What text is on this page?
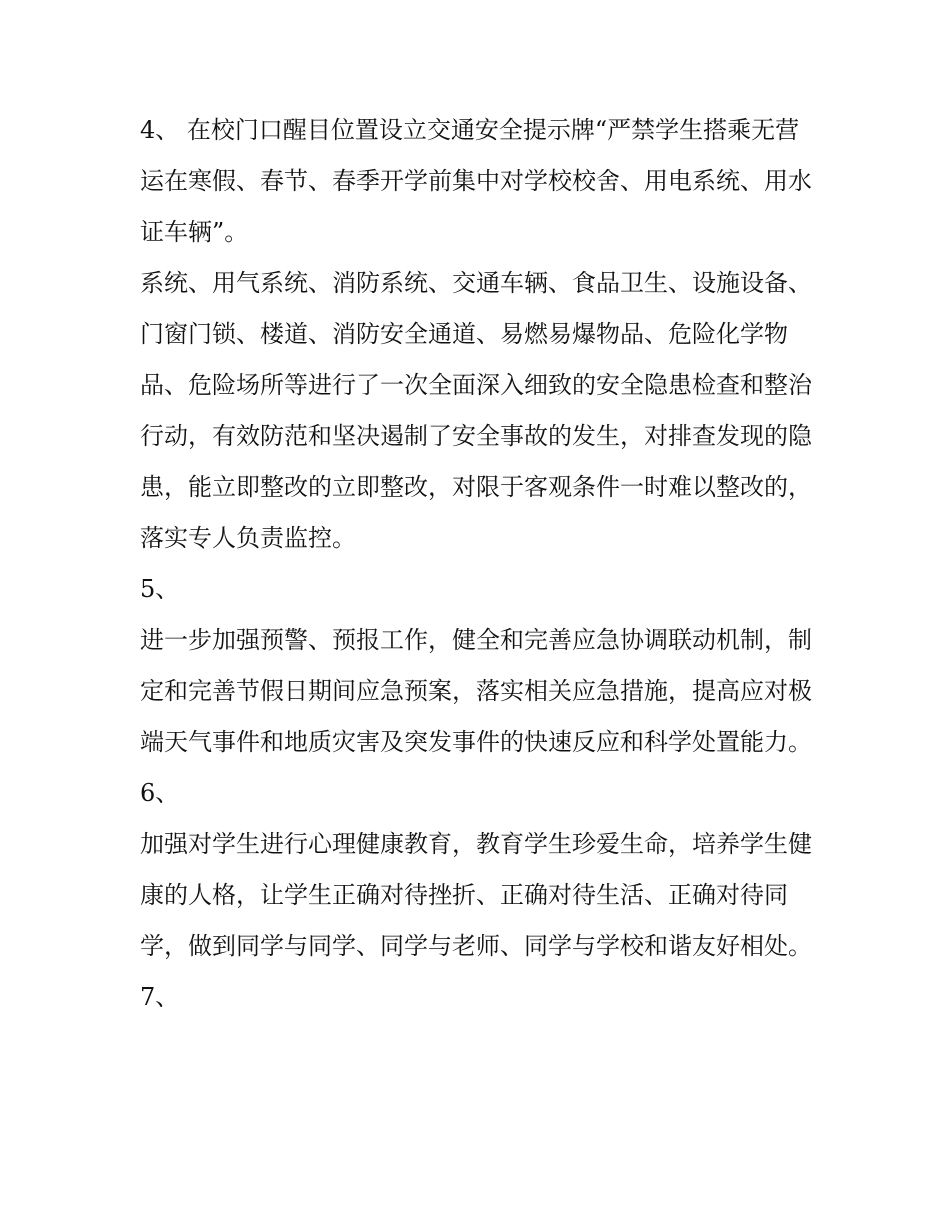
4、 在校门口醒目位置设立交通安全提示牌“严禁学生搭乘无营运在寒假、春节、春季开学前集中对学校校舍、用电系统、用水证车辆”。

系统、用气系统、消防系统、交通车辆、食品卫生、设施设备、门窗门锁、楼道、消防安全通道、易燃易爆物品、危险化学物品、危险场所等进行了一次全面深入细致的安全隐患检查和整治行动，有效防范和坚决遏制了安全事故的发生，对排查发现的隐患，能立即整改的立即整改，对限于客观条件一时难以整改的，落实专人负责监控。

5、

进一步加强预警、预报工作，健全和完善应急协调联动机制，制定和完善节假日期间应急预案，落实相关应急措施，提高应对极端天气事件和地质灾害及突发事件的快速反应和科学处置能力。

6、

加强对学生进行心理健康教育，教育学生珍爱生命，培养学生健康的人格，让学生正确对待挫折、正确对待生活、正确对待同学，做到同学与同学、同学与老师、同学与学校和谐友好相处。

7、
